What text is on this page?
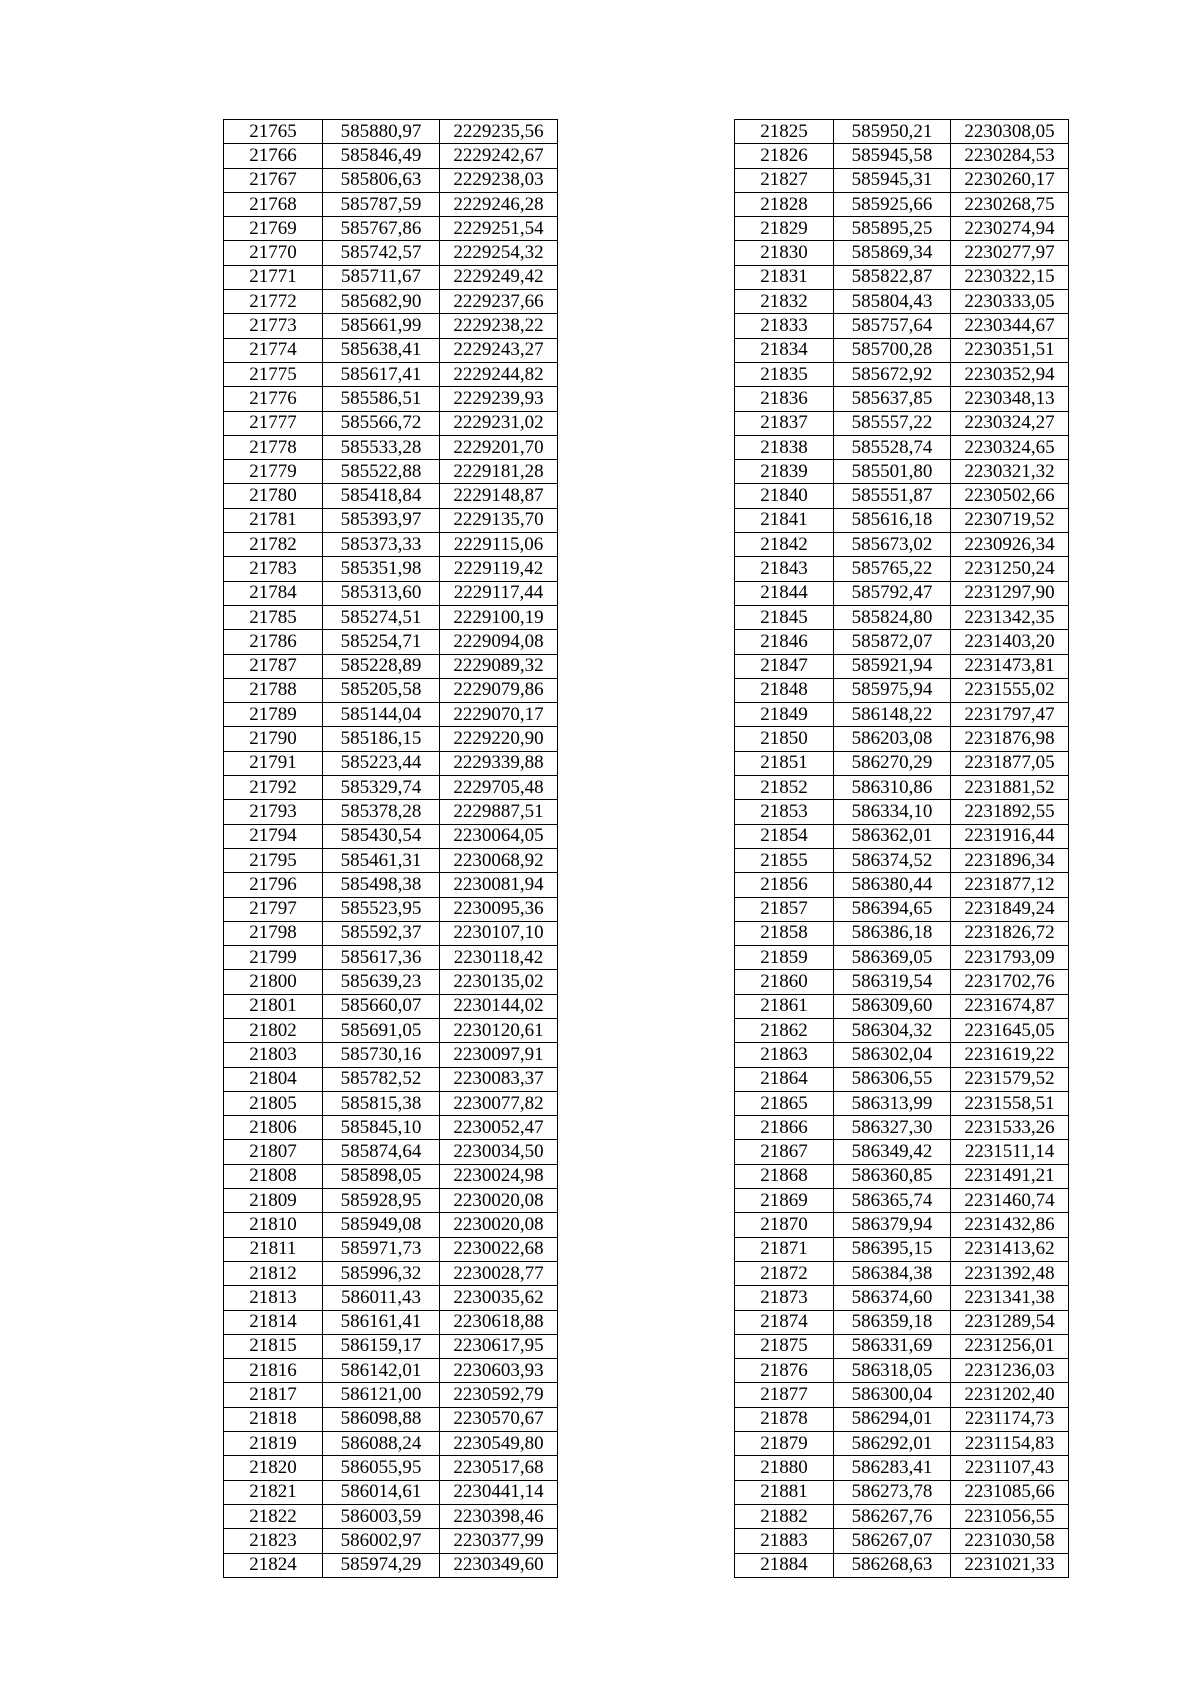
21765	585880,97	2229235,56
21766	585846,49	2229242,67
21767	585806,63	2229238,03
21768	585787,59	2229246,28
21769	585767,86	2229251,54
21770	585742,57	2229254,32
21771	585711,67	2229249,42
21772	585682,90	2229237,66
21773	585661,99	2229238,22
21774	585638,41	2229243,27
21775	585617,41	2229244,82
21776	585586,51	2229239,93
21777	585566,72	2229231,02
21778	585533,28	2229201,70
21779	585522,88	2229181,28
21780	585418,84	2229148,87
21781	585393,97	2229135,70
21782	585373,33	2229115,06
21783	585351,98	2229119,42
21784	585313,60	2229117,44
21785	585274,51	2229100,19
21786	585254,71	2229094,08
21787	585228,89	2229089,32
21788	585205,58	2229079,86
21789	585144,04	2229070,17
21790	585186,15	2229220,90
21791	585223,44	2229339,88
21792	585329,74	2229705,48
21793	585378,28	2229887,51
21794	585430,54	2230064,05
21795	585461,31	2230068,92
21796	585498,38	2230081,94
21797	585523,95	2230095,36
21798	585592,37	2230107,10
21799	585617,36	2230118,42
21800	585639,23	2230135,02
21801	585660,07	2230144,02
21802	585691,05	2230120,61
21803	585730,16	2230097,91
21804	585782,52	2230083,37
21805	585815,38	2230077,82
21806	585845,10	2230052,47
21807	585874,64	2230034,50
21808	585898,05	2230024,98
21809	585928,95	2230020,08
21810	585949,08	2230020,08
21811	585971,73	2230022,68
21812	585996,32	2230028,77
21813	586011,43	2230035,62
21814	586161,41	2230618,88
21815	586159,17	2230617,95
21816	586142,01	2230603,93
21817	586121,00	2230592,79
21818	586098,88	2230570,67
21819	586088,24	2230549,80
21820	586055,95	2230517,68
21821	586014,61	2230441,14
21822	586003,59	2230398,46
21823	586002,97	2230377,99
21824	585974,29	2230349,60
21825	585950,21	2230308,05
21826	585945,58	2230284,53
21827	585945,31	2230260,17
21828	585925,66	2230268,75
21829	585895,25	2230274,94
21830	585869,34	2230277,97
21831	585822,87	2230322,15
21832	585804,43	2230333,05
21833	585757,64	2230344,67
21834	585700,28	2230351,51
21835	585672,92	2230352,94
21836	585637,85	2230348,13
21837	585557,22	2230324,27
21838	585528,74	2230324,65
21839	585501,80	2230321,32
21840	585551,87	2230502,66
21841	585616,18	2230719,52
21842	585673,02	2230926,34
21843	585765,22	2231250,24
21844	585792,47	2231297,90
21845	585824,80	2231342,35
21846	585872,07	2231403,20
21847	585921,94	2231473,81
21848	585975,94	2231555,02
21849	586148,22	2231797,47
21850	586203,08	2231876,98
21851	586270,29	2231877,05
21852	586310,86	2231881,52
21853	586334,10	2231892,55
21854	586362,01	2231916,44
21855	586374,52	2231896,34
21856	586380,44	2231877,12
21857	586394,65	2231849,24
21858	586386,18	2231826,72
21859	586369,05	2231793,09
21860	586319,54	2231702,76
21861	586309,60	2231674,87
21862	586304,32	2231645,05
21863	586302,04	2231619,22
21864	586306,55	2231579,52
21865	586313,99	2231558,51
21866	586327,30	2231533,26
21867	586349,42	2231511,14
21868	586360,85	2231491,21
21869	586365,74	2231460,74
21870	586379,94	2231432,86
21871	586395,15	2231413,62
21872	586384,38	2231392,48
21873	586374,60	2231341,38
21874	586359,18	2231289,54
21875	586331,69	2231256,01
21876	586318,05	2231236,03
21877	586300,04	2231202,40
21878	586294,01	2231174,73
21879	586292,01	2231154,83
21880	586283,41	2231107,43
21881	586273,78	2231085,66
21882	586267,76	2231056,55
21883	586267,07	2231030,58
21884	586268,63	2231021,33
